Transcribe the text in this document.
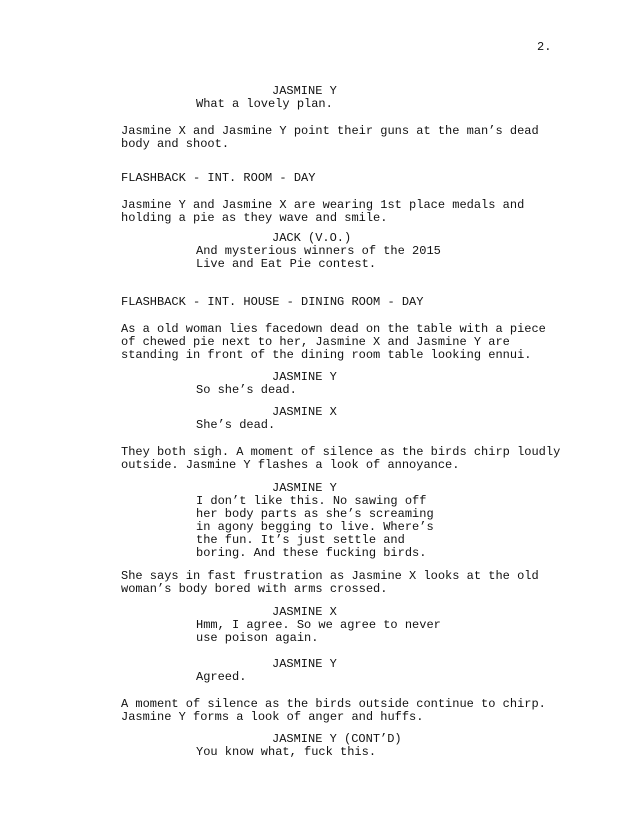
2.
JASMINE Y
What a lovely plan.
Jasmine X and Jasmine Y point their guns at the man’s dead
body and shoot.
FLASHBACK - INT. ROOM - DAY
Jasmine Y and Jasmine X are wearing 1st place medals and
holding a pie as they wave and smile.
JACK (V.O.)
And mysterious winners of the 2015
Live and Eat Pie contest.
FLASHBACK - INT. HOUSE - DINING ROOM - DAY
As a old woman lies facedown dead on the table with a piece
of chewed pie next to her, Jasmine X and Jasmine Y are
standing in front of the dining room table looking ennui.
JASMINE Y
So she’s dead.
JASMINE X
She’s dead.
They both sigh. A moment of silence as the birds chirp loudly
outside. Jasmine Y flashes a look of annoyance.
JASMINE Y
I don’t like this. No sawing off
her body parts as she’s screaming
in agony begging to live. Where’s
the fun. It’s just settle and
boring. And these fucking birds.
She says in fast frustration as Jasmine X looks at the old
woman’s body bored with arms crossed.
JASMINE X
Hmm, I agree. So we agree to never
use poison again.
JASMINE Y
Agreed.
A moment of silence as the birds outside continue to chirp.
Jasmine Y forms a look of anger and huffs.
JASMINE Y (CONT’D)
You know what, fuck this.
